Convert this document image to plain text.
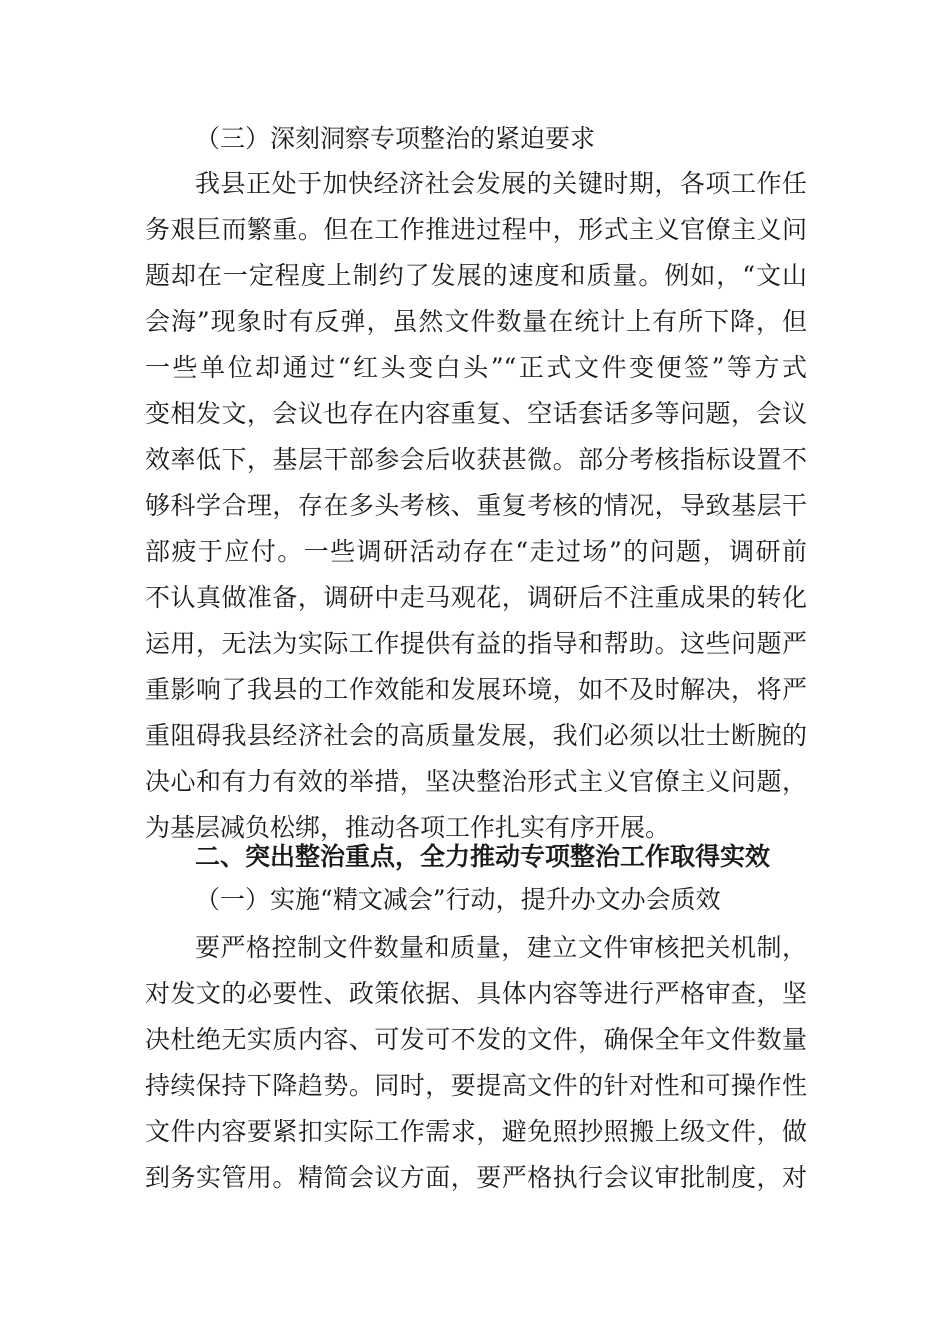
（三）深刻洞察专项整治的紧迫要求
我县正处于加快经济社会发展的关键时期，各项工作任
务艰巨而繁重。但在工作推进过程中，形式主义官僚主义问
题却在一定程度上制约了发展的速度和质量。例如，“文山
会海”现象时有反弹，虽然文件数量在统计上有所下降，但
一些单位却通过“红头变白头”“正式文件变便签”等方式
变相发文，会议也存在内容重复、空话套话多等问题，会议
效率低下，基层干部参会后收获甚微。部分考核指标设置不
够科学合理，存在多头考核、重复考核的情况，导致基层干
部疲于应付。一些调研活动存在“走过场”的问题，调研前
不认真做准备，调研中走马观花，调研后不注重成果的转化
运用，无法为实际工作提供有益的指导和帮助。这些问题严
重影响了我县的工作效能和发展环境，如不及时解决，将严
重阻碍我县经济社会的高质量发展，我们必须以壮士断腕的
决心和有力有效的举措，坚决整治形式主义官僚主义问题，
为基层减负松绑，推动各项工作扎实有序开展。
二、突出整治重点，全力推动专项整治工作取得实效
（一）实施“精文减会”行动，提升办文办会质效
要严格控制文件数量和质量，建立文件审核把关机制，
对发文的必要性、政策依据、具体内容等进行严格审查，坚
决杜绝无实质内容、可发可不发的文件，确保全年文件数量
持续保持下降趋势。同时，要提高文件的针对性和可操作性
文件内容要紧扣实际工作需求，避免照抄照搬上级文件，做
到务实管用。精简会议方面，要严格执行会议审批制度，对
